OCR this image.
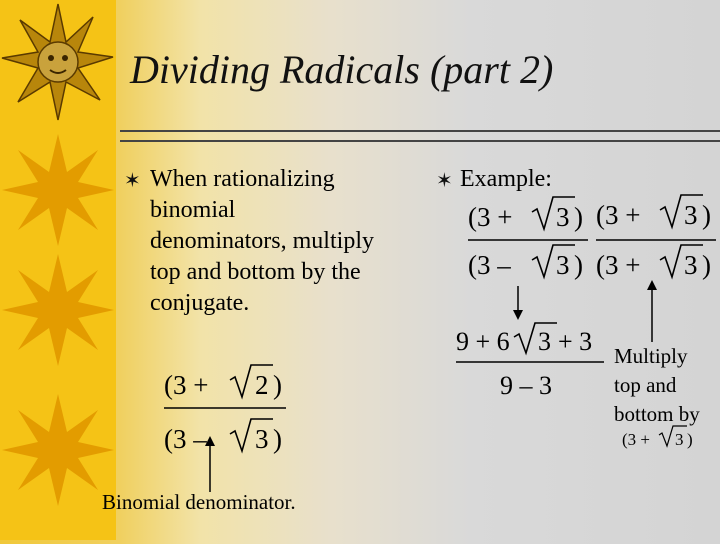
Dividing Radicals (part 2)
✶ When rationalizing
binomial
denominators, multiply
top and bottom by the
conjugate.
✶ Example:
(3 + 2 )
(3 – 3 )
Binomial denominator.
(3 + 3 )
(3 – 3 )
(3 + 3 )
(3 + 3 )
9 + 6 3 + 3
9 – 3
Multiply
top and
bottom by
(3 + 3 )
